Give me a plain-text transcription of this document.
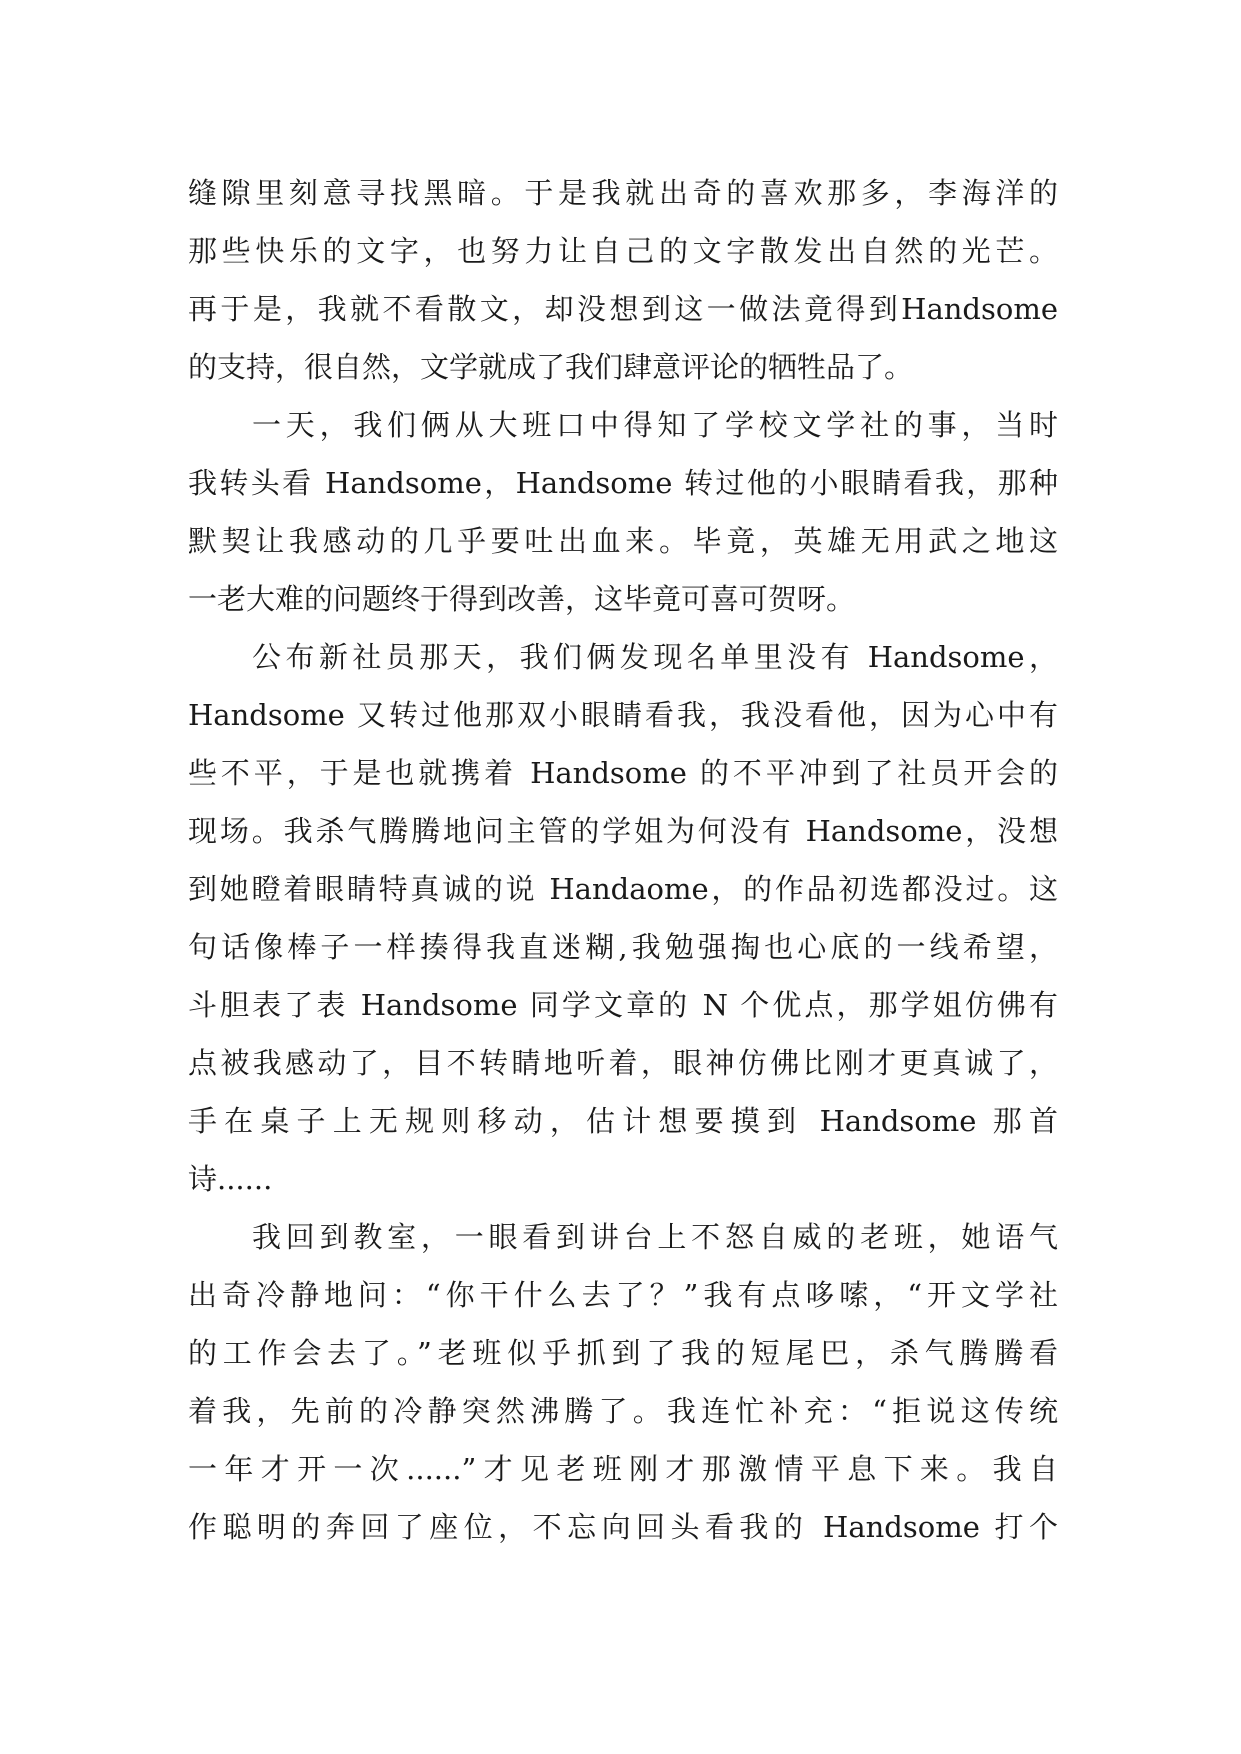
缝隙里刻意寻找黑暗。于是我就出奇的喜欢那多，李海洋的
那些快乐的文字，也努力让自己的文字散发出自然的光芒。
再于是，我就不看散文，却没想到这一做法竟得到Handsome
的支持，很自然，文学就成了我们肆意评论的牺牲品了。
一天，我们俩从大班口中得知了学校文学社的事，当时
我转头看 Handsome，Handsome 转过他的小眼睛看我，那种
默契让我感动的几乎要吐出血来。毕竟，英雄无用武之地这
一老大难的问题终于得到改善，这毕竟可喜可贺呀。
公布新社员那天，我们俩发现名单里没有 Handsome，
Handsome 又转过他那双小眼睛看我，我没看他，因为心中有
些不平，于是也就携着 Handsome 的不平冲到了社员开会的
现场。我杀气腾腾地问主管的学姐为何没有 Handsome，没想
到她瞪着眼睛特真诚的说 Handaome，的作品初选都没过。这
句话像棒子一样揍得我直迷糊,我勉强掏也心底的一线希望，
斗胆表了表 Handsome 同学文章的 N 个优点，那学姐仿佛有
点被我感动了，目不转睛地听着，眼神仿佛比刚才更真诚了，
手在桌子上无规则移动，估计想要摸到 Handsome 那首
诗......
我回到教室，一眼看到讲台上不怒自威的老班，她语气
出奇冷静地问：“你干什么去了？”我有点哆嗦，“开文学社
的工作会去了。”老班似乎抓到了我的短尾巴，杀气腾腾看
着我，先前的冷静突然沸腾了。我连忙补充：“拒说这传统
一年才开一次......”才见老班刚才那激情平息下来。我自
作聪明的奔回了座位，不忘向回头看我的 Handsome 打个
